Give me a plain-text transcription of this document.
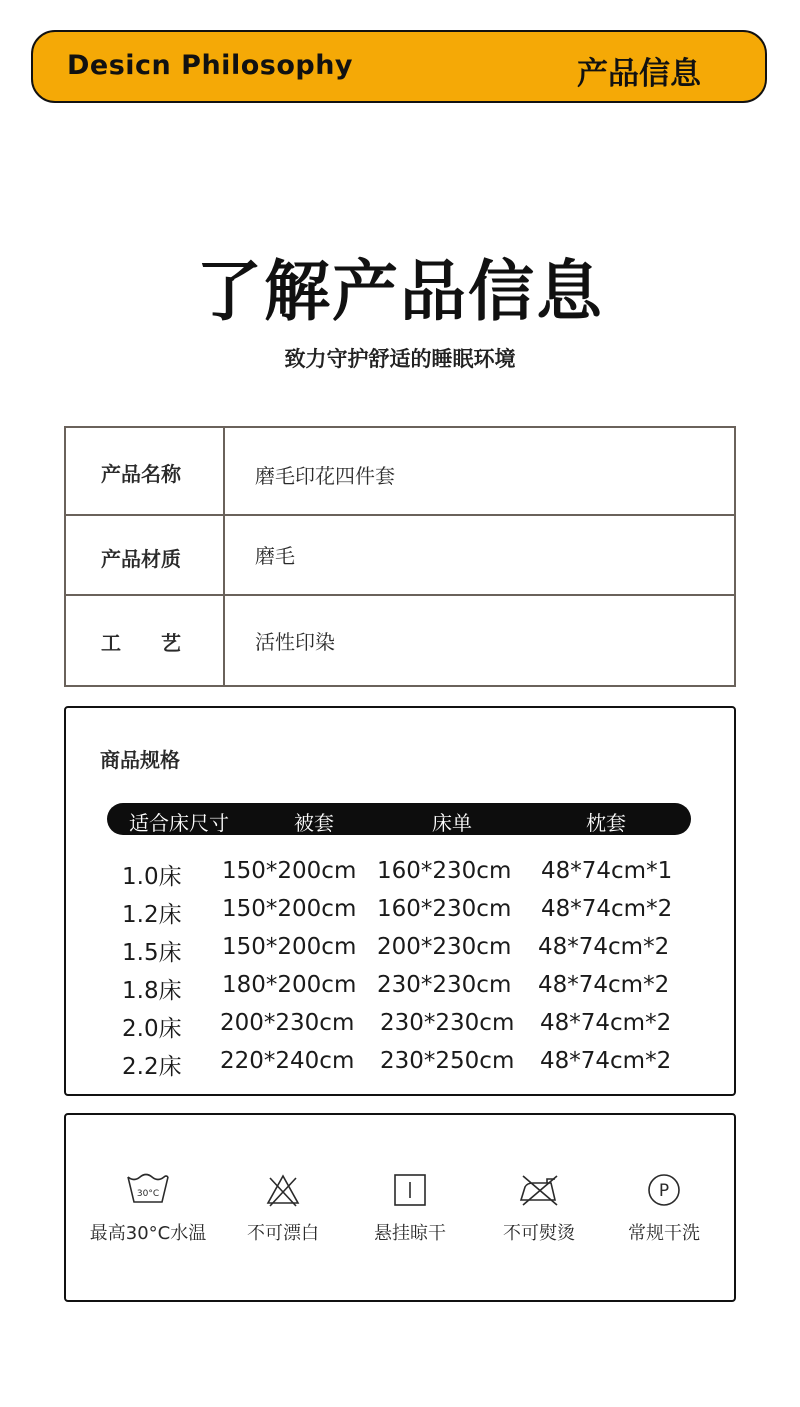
Desicn Philosophy	产品信息
了解产品信息
致力守护舒适的睡眠环境
产品名称	磨毛印花四件套
产品材质	磨毛
工　　艺	活性印染
商品规格
适合床尺寸	被套	床单	枕套
1.0床 150*200cm 160*230cm 48*74cm*1
1.2床 150*200cm 160*230cm 48*74cm*2
1.5床 150*200cm 200*230cm 48*74cm*2
1.8床 180*200cm 230*230cm 48*74cm*2
2.0床 200*230cm 230*230cm 48*74cm*2
2.2床 220*240cm 230*250cm 48*74cm*2
30°C
最高30°C水温	不可漂白	悬挂晾干	不可熨烫
P
常规干洗
